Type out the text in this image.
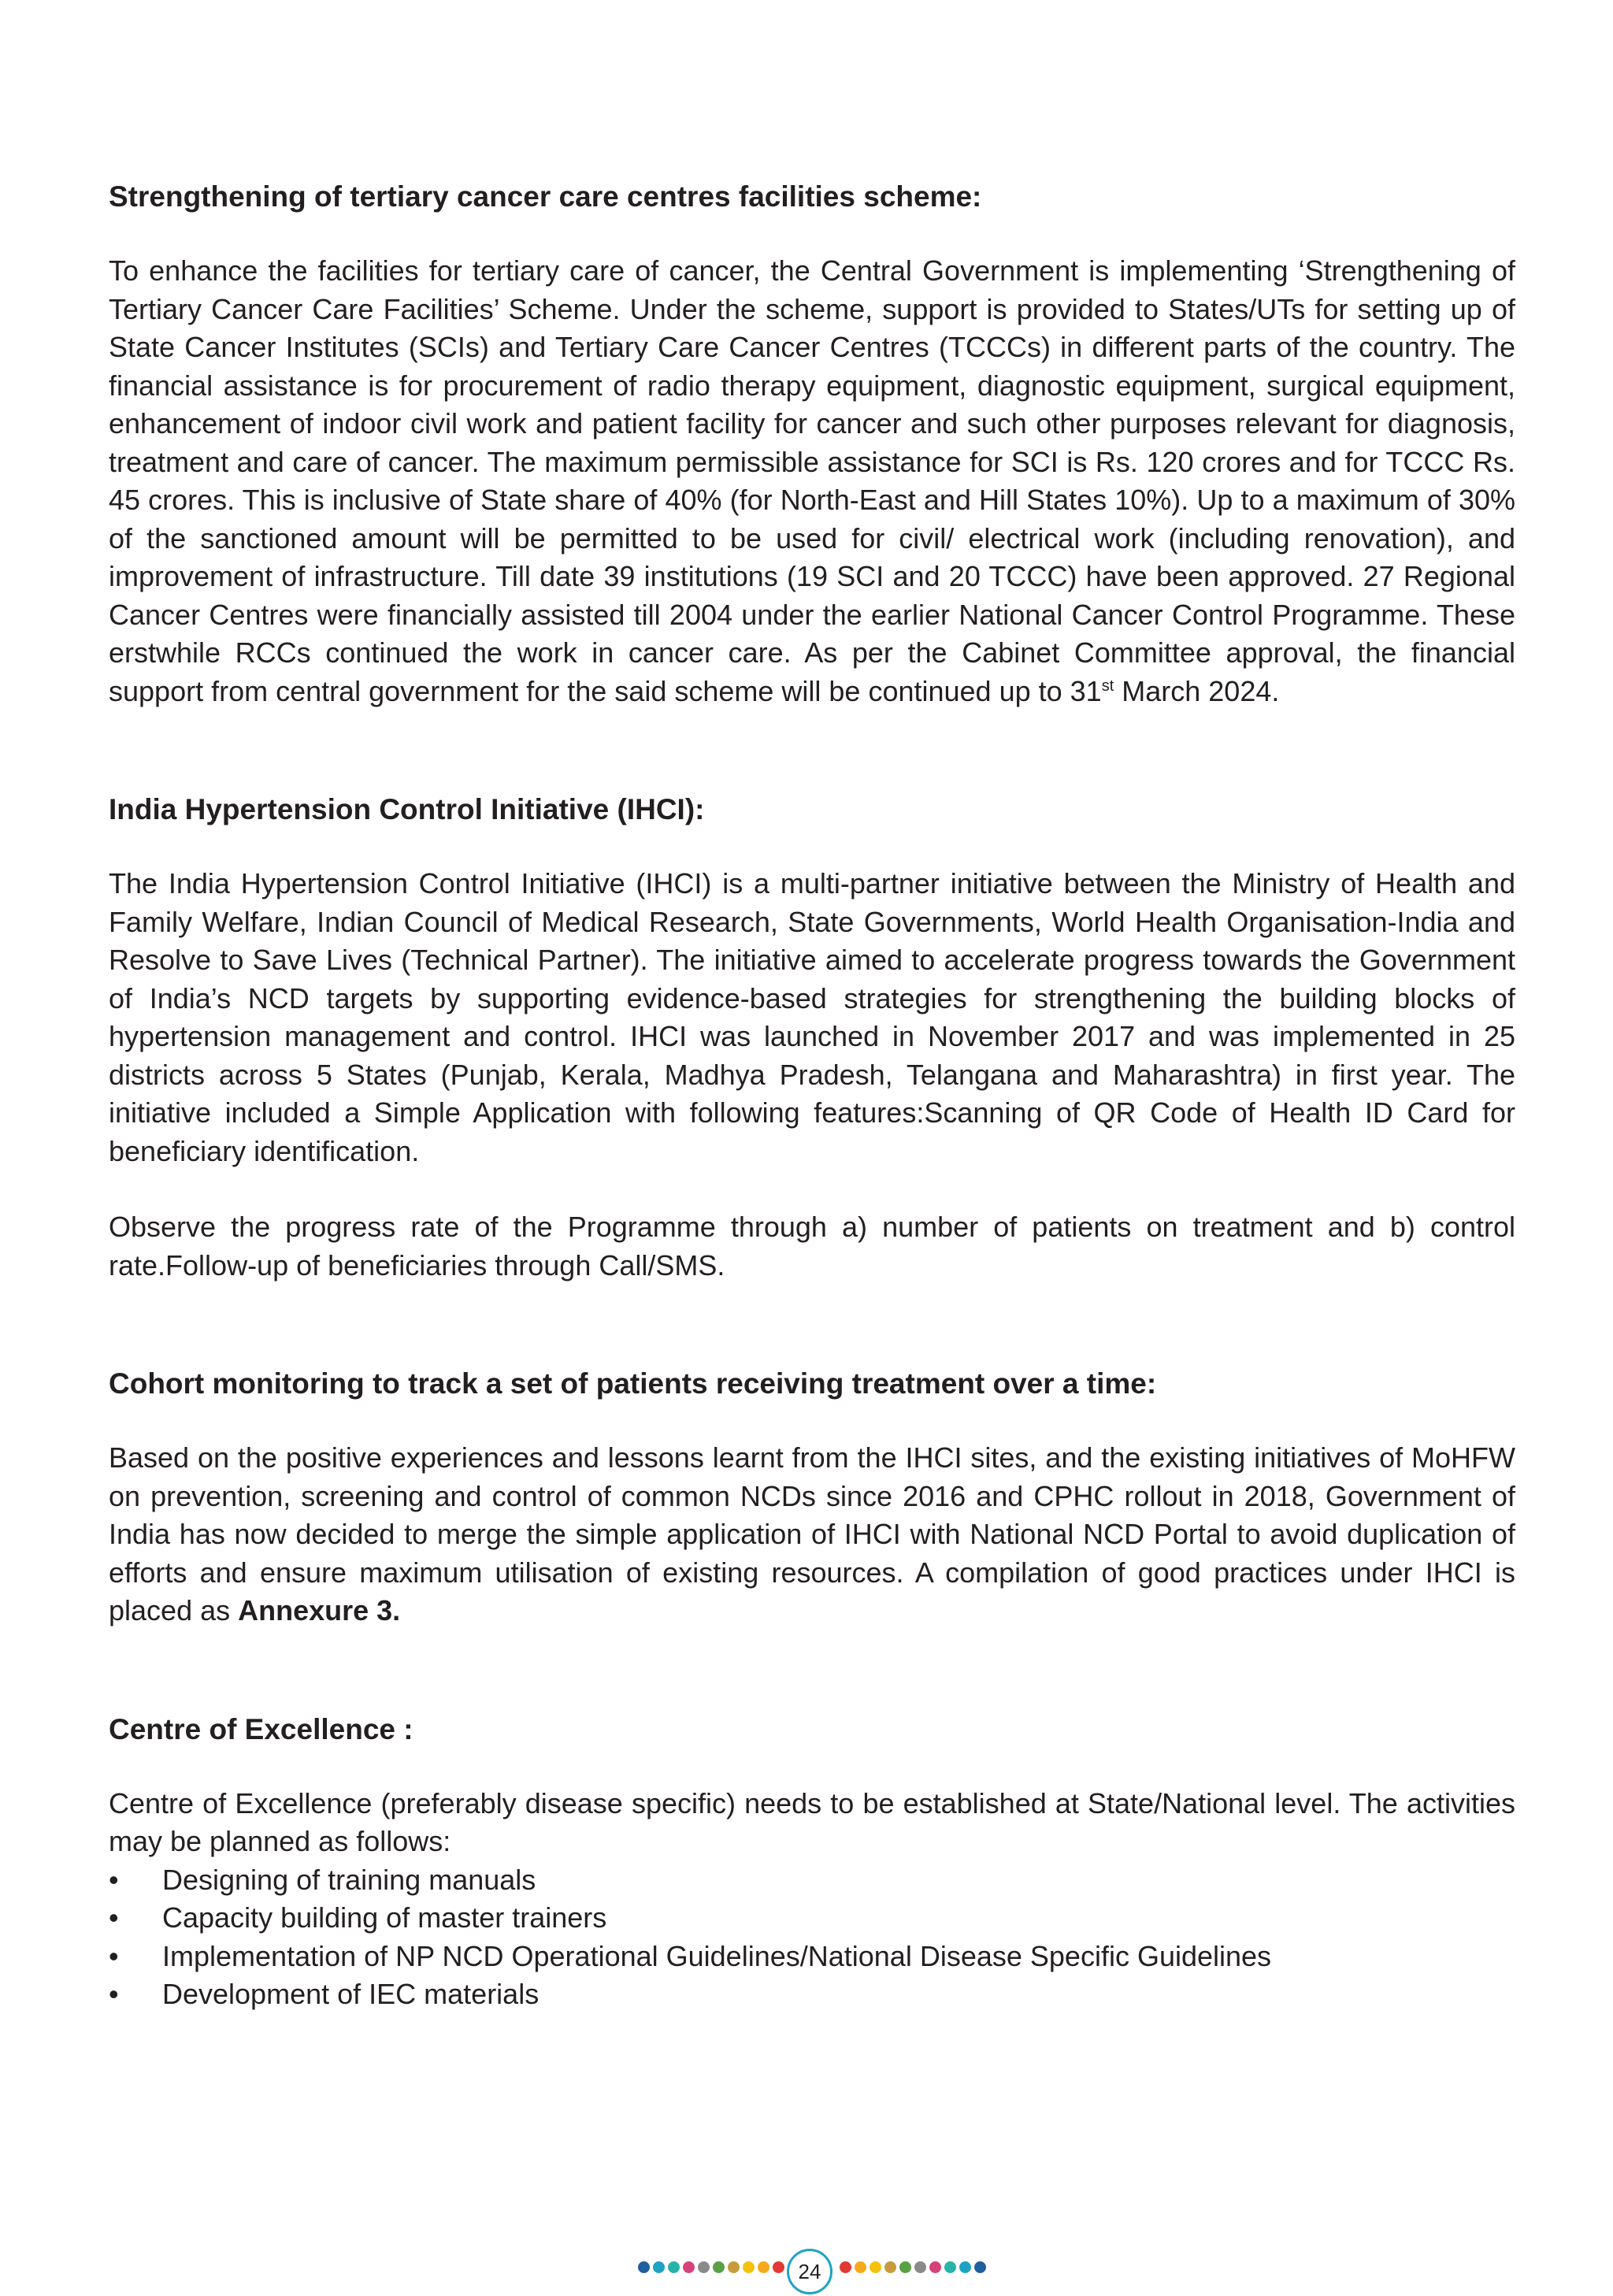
Strengthening of tertiary cancer care centres facilities scheme:

To enhance the facilities for tertiary care of cancer, the Central Government is implementing ‘Strengthening of Tertiary Cancer Care Facilities’ Scheme. Under the scheme, support is provided to States/UTs for setting up of State Cancer Institutes (SCIs) and Tertiary Care Cancer Centres (TCCCs) in different parts of the country. The financial assistance is for procurement of radio therapy equipment, diagnostic equipment, surgical equipment, enhancement of indoor civil work and patient facility for cancer and such other purposes relevant for diagnosis, treatment and care of cancer. The maximum permissible assistance for SCI is Rs. 120 crores and for TCCC Rs. 45 crores. This is inclusive of State share of 40% (for North-East and Hill States 10%). Up to a maximum of 30% of the sanctioned amount will be permitted to be used for civil/ electrical work (including renovation), and improvement of infrastructure. Till date 39 institutions (19 SCI and 20 TCCC) have been approved. 27 Regional Cancer Centres were financially assisted till 2004 under the earlier National Cancer Control Programme. These erstwhile RCCs continued the work in cancer care. As per the Cabinet Committee approval, the financial support from central government for the said scheme will be continued up to 31st March 2024.

India Hypertension Control Initiative (IHCI):

The India Hypertension Control Initiative (IHCI) is a multi-partner initiative between the Ministry of Health and Family Welfare, Indian Council of Medical Research, State Governments, World Health Organisation-India and Resolve to Save Lives (Technical Partner). The initiative aimed to accelerate progress towards the Government of India’s NCD targets by supporting evidence-based strategies for strengthening the building blocks of hypertension management and control. IHCI was launched in November 2017 and was implemented in 25 districts across 5 States (Punjab, Kerala, Madhya Pradesh, Telangana and Maharashtra) in first year. The initiative included a Simple Application with following features:Scanning of QR Code of Health ID Card for beneficiary identification.

Observe the progress rate of the Programme through a) number of patients on treatment and b) control rate.Follow-up of beneficiaries through Call/SMS.

Cohort monitoring to track a set of patients receiving treatment over a time:

Based on the positive experiences and lessons learnt from the IHCI sites, and the existing initiatives of MoHFW on prevention, screening and control of common NCDs since 2016 and CPHC rollout in 2018, Government of India has now decided to merge the simple application of IHCI with National NCD Portal to avoid duplication of efforts and ensure maximum utilisation of existing resources. A compilation of good practices under IHCI is placed as Annexure 3.

Centre of Excellence :

Centre of Excellence (preferably disease specific) needs to be established at State/National level. The activities may be planned as follows:

• Designing of training manuals
• Capacity building of master trainers
• Implementation of NP NCD Operational Guidelines/National Disease Specific Guidelines
• Development of IEC materials
24
